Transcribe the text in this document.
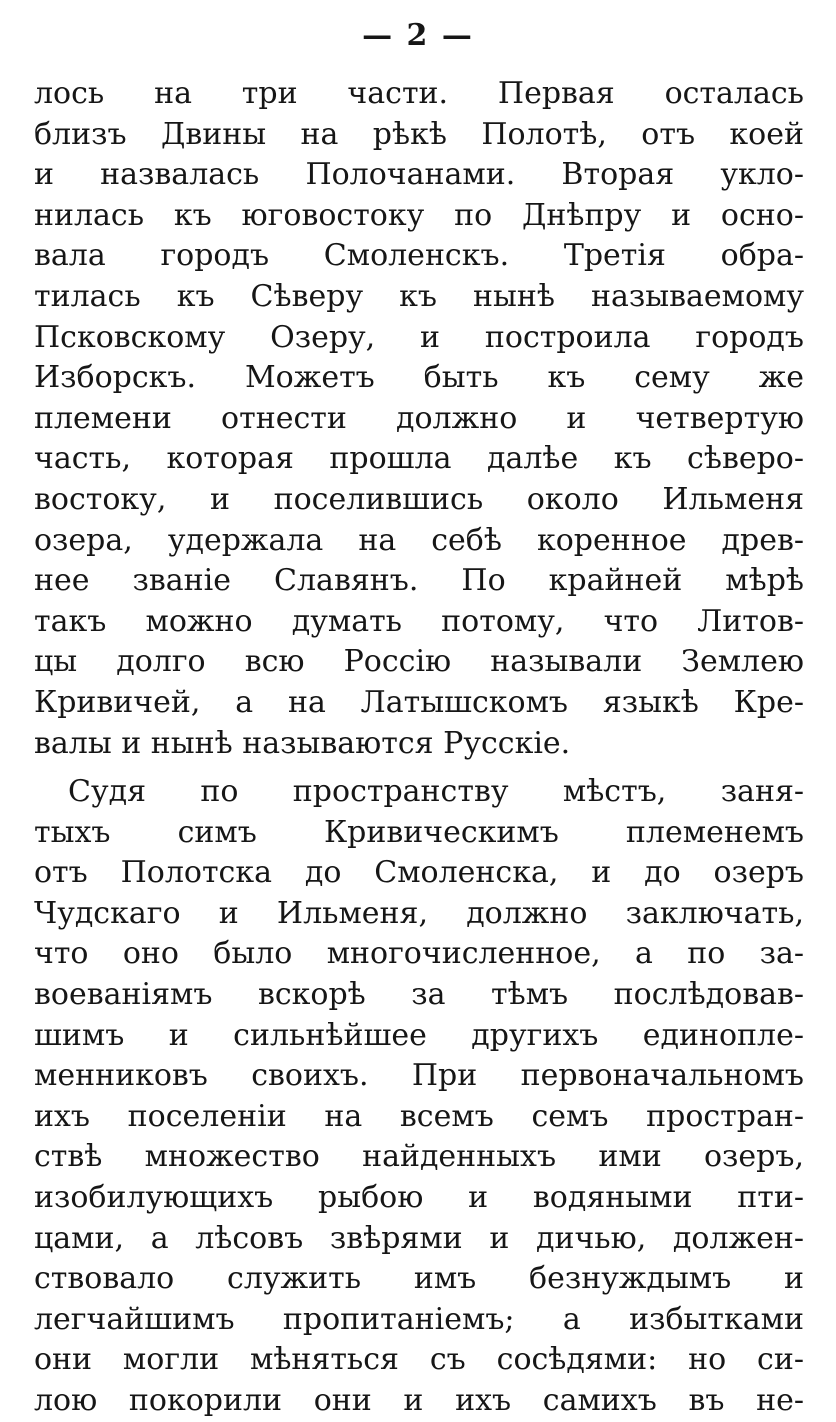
— 2 —
лось на три части. Первая осталась
близъ Двины на рѣкѣ Полотѣ, отъ коей
и назвалась Полочанами. Вторая укло-
нилась къ юговостоку по Днѣпру и осно-
вала городъ Смоленскъ. Третія обра-
тилась къ Сѣверу къ нынѣ называемому
Псковскому Озеру, и построила городъ
Изборскъ. Можетъ быть къ сему же
племени отнести должно и четвертую
часть, которая прошла далѣе къ сѣверо-
востоку, и поселившись около Ильменя
озера, удержала на себѣ коренное древ-
нее званіе Славянъ. По крайней мѣрѣ
такъ можно думать потому, что Литов-
цы долго всю Россію называли Землею
Кривичей, а на Латышскомъ языкѣ Кре-
валы и нынѣ называются Русскіе.
Судя по пространству мѣстъ, заня-
тыхъ симъ Кривическимъ племенемъ
отъ Полотска до Смоленска, и до озеръ
Чудскаго и Ильменя, должно заключать,
что оно было многочисленное, а по за-
воеваніямъ вскорѣ за тѣмъ послѣдовав-
шимъ и сильнѣйшее другихъ единопле-
менниковъ своихъ. При первоначальномъ
ихъ поселеніи на всемъ семъ простран-
ствѣ множество найденныхъ ими озеръ,
изобилующихъ рыбою и водяными пти-
цами, а лѣсовъ звѣрями и дичью, должен-
ствовало служить имъ безнуждымъ и
легчайшимъ пропитаніемъ; а избытками
они могли мѣняться съ сосѣдями: но си-
лою покорили они и ихъ самихъ въ не-
